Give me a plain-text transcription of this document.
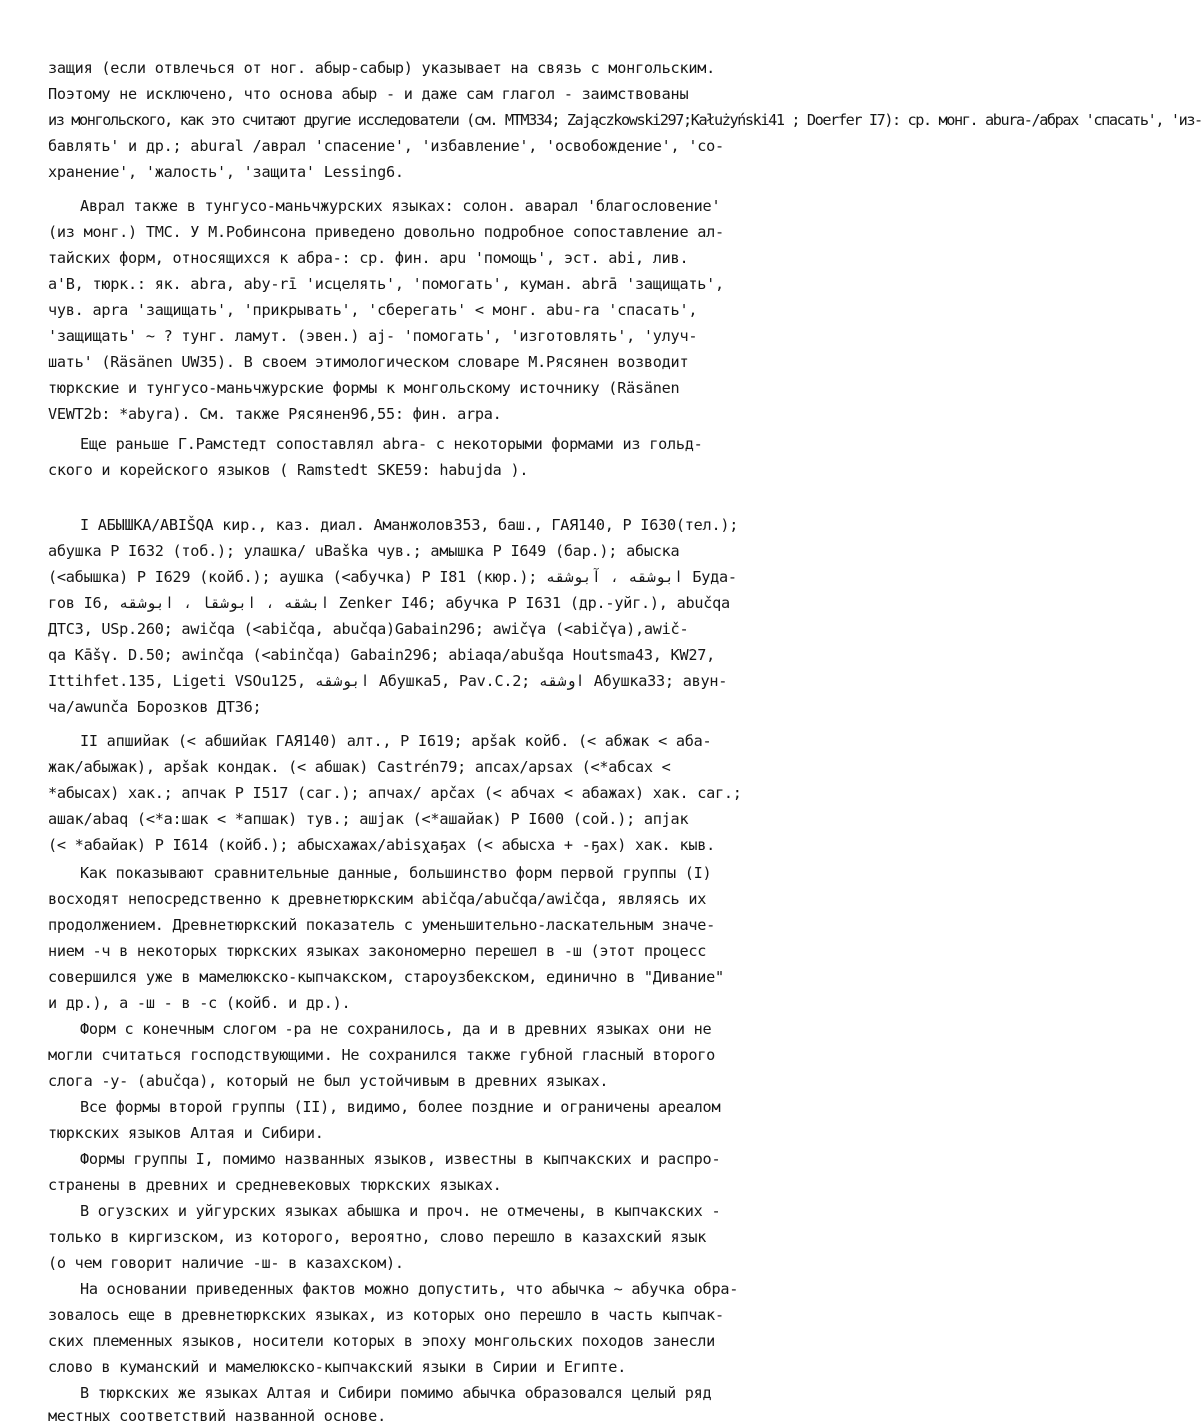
защия (если отвлечься от ног. абыр-сабыр) указывает на связь с монгольским.
Поэтому не исключено, что основа абыр - и даже сам глагол - заимствованы
из монгольского, как это считают другие исследователи (см. МТМ334; Zajączkowski297;Kałużyński41 ; Doerfer I7): ср. монг. abura-/абрах 'спасать', 'из-
бавлять' и др.; abural /аврал 'спасение', 'избавление', 'освобождение', 'со-
хранение', 'жалость', 'защита' Lessing6.
Аврал также в тунгусо-маньчжурских языках: солон. аварал 'благословение'
(из монг.) ТМС. У М.Робинсона приведено довольно подробное сопоставление ал-
тайских форм, относящихся к абра-: ср. фин. apu 'помощь', эст. abi, лив.
a'B, тюрк.: як. abra, aby-rī 'исцелять', 'помогать', куман. abrā 'защищать',
чув. apra 'защищать', 'прикрывать', 'сберегать' < монг. abu-ra 'спасать',
'защищать' ~ ? тунг. ламут. (эвен.) aj- 'помогать', 'изготовлять', 'улуч-
шать' (Räsänen UW35). В своем этимологическом словаре М.Рясянен возводит
тюркские и тунгусо-маньчжурские формы к монгольскому источнику (Räsänen
VEWT2b: *abyra). См. также Рясянен96,55: фин. arpa.
Еще раньше Г.Рамстедт сопоставлял abra- с некоторыми формами из гольд-
ского и корейского языков ( Ramstedt SKE59: habujda ).
I АБЫШКА/ABIŠQA кир., каз. диал. Аманжолов353, баш., ГАЯ140, Р I630(тел.);
абушка Р I632 (тоб.); улашка/ uBaška чув.; амышка Р I649 (бар.); абыска
(<абышка) Р I629 (койб.); аушка (<абучка) Р I81 (кюр.); ابوشقه ، آبوشقه Буда-
гов I6, ابشقه ، ابوشقا ، ابوشقه Zenker I46; абучка Р I631 (др.-уйг.), abučqa
ДТС3, USp.260; awičqa (<abičqa, abučqa)Gabain296; awičγa (<abičγa),awič-
qa Kāšγ. D.50; awinčqa (<abinčqa) Gabain296; abiaqa/abušqa Houtsma43, KW27,
Ittihfet.135, Ligeti VSOu125, ابوشقه Абушка5, Pav.C.2; اوشقه Абушка33; авун-
ча/awunča Борозков ДТ36;
II апшийак (< абшийак ГАЯ140) алт., Р I619; apšak койб. (< абжак < аба-
жак/абыжак), apšak кондак. (< абшак) Castrén79; апсах/apsax (<*абсах <
*абысах) хак.; апчак Р I517 (саг.); апчах/ apčax (< абчах < абажах) хак. саг.;
ашак/аbaq (<*а:шак < *апшак) тув.; ашјак (<*ашайак) Р I600 (сой.); апјак
(< *абайак) Р I614 (койб.); абысхажах/abisχaҕax (< абысха + -ҕах) хак. кыв.
Как показывают сравнительные данные, большинство форм первой группы (I)
восходят непосредственно к древнетюркским abičqa/abučqa/awičqa, являясь их
продолжением. Древнетюркский показатель с уменьшительно-ласкательным значе-
нием -ч в некоторых тюркских языках закономерно перешел в -ш (этот процесс
совершился уже в мамелюкско-кыпчакском, староузбекском, единично в "Дивание"
и др.), а -ш - в -с (койб. и др.).
Форм с конечным слогом -ра не сохранилось, да и в древних языках они не
могли считаться господствующими. Не сохранился также губной гласный второго
слога -у- (abučqa), который не был устойчивым в древних языках.
Все формы второй группы (II), видимо, более поздние и ограничены ареалом
тюркских языков Алтая и Сибири.
Формы группы I, помимо названных языков, известны в кыпчакских и распро-
странены в древних и средневековых тюркских языках.
В огузских и уйгурских языках абышка и проч. не отмечены, в кыпчакских -
только в киргизском, из которого, вероятно, слово перешло в казахский язык
(о чем говорит наличие -ш- в казахском).
На основании приведенных фактов можно допустить, что абычка ~ абучка обра-
зовалось еще в древнетюркских языках, из которых оно перешло в часть кыпчак-
ских племенных языков, носители которых в эпоху монгольских походов занесли
слово в куманский и мамелюкско-кыпчакский языки в Сирии и Египте.
В тюркских же языках Алтая и Сибири помимо абычка образовался целый ряд
местных соответствий названной основе.
